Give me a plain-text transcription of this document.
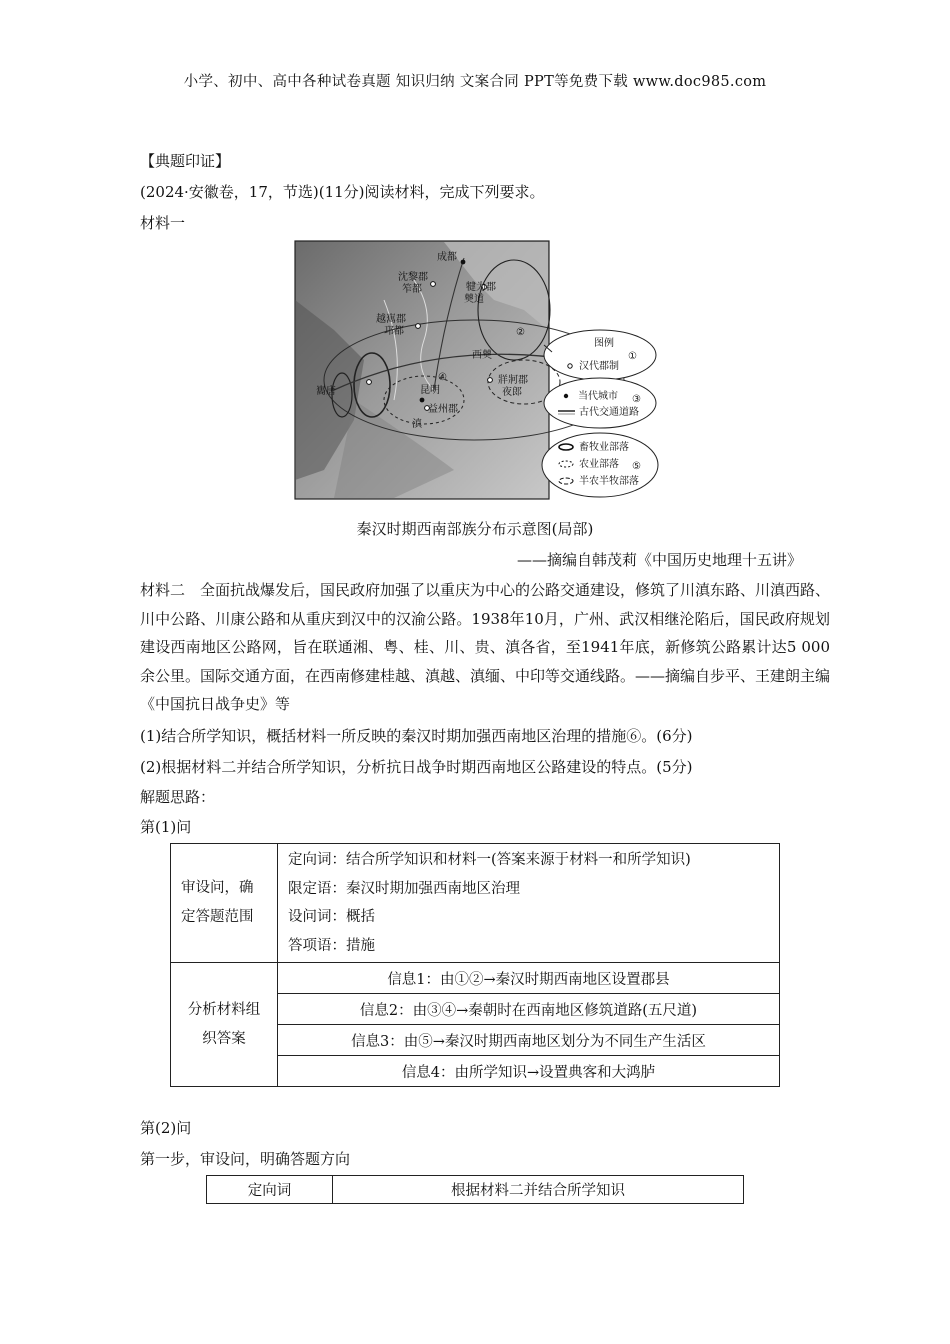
小学、初中、高中各种试卷真题 知识归纳 文案合同 PPT等免费下载 www.doc985.com
【典题印证】
(2024·安徽卷，17，节选)(11分)阅读材料，完成下列要求。
材料一
成都
沈黎郡
笮都	犍为郡
僰道
越嶲郡
邛都
西僰
牂牁郡
夜郎
昆明
益州郡
滇
巂唐
②
④
图例
①
汉代郡制
当代城市 ③
古代交通道路
畜牧业部落
农业部落 ⑤
半农半牧部落
秦汉时期西南部族分布示意图(局部)
——摘编自韩茂莉《中国历史地理十五讲》
材料二　全面抗战爆发后，国民政府加强了以重庆为中心的公路交通建设，修筑了川滇东路、川滇西路、川中公路、川康公路和从重庆到汉中的汉渝公路。1938年10月，广州、武汉相继沦陷后，国民政府规划建设西南地区公路网，旨在联通湘、粤、桂、川、贵、滇各省，至1941年底，新修筑公路累计达5 000余公里。国际交通方面，在西南修建桂越、滇越、滇缅、中印等交通线路。——摘编自步平、王建朗主编《中国抗日战争史》等
(1)结合所学知识，概括材料一所反映的秦汉时期加强西南地区治理的措施⑥。(6分)
(2)根据材料二并结合所学知识，分析抗日战争时期西南地区公路建设的特点。(5分)
解题思路：
第(1)问
审设问，确定答题范围	定向词：结合所学知识和材料一(答案来源于材料一和所学知识)
限定语：秦汉时期加强西南地区治理
设问词：概括
答项语：措施

分析材料组织答案	信息1：由①②→秦汉时期西南地区设置郡县
	信息2：由③④→秦朝时在西南地区修筑道路(五尺道)
	信息3：由⑤→秦汉时期西南地区划分为不同生产生活区
	信息4：由所学知识→设置典客和大鸿胪
第(2)问
第一步，审设问，明确答题方向
定向词	根据材料二并结合所学知识
